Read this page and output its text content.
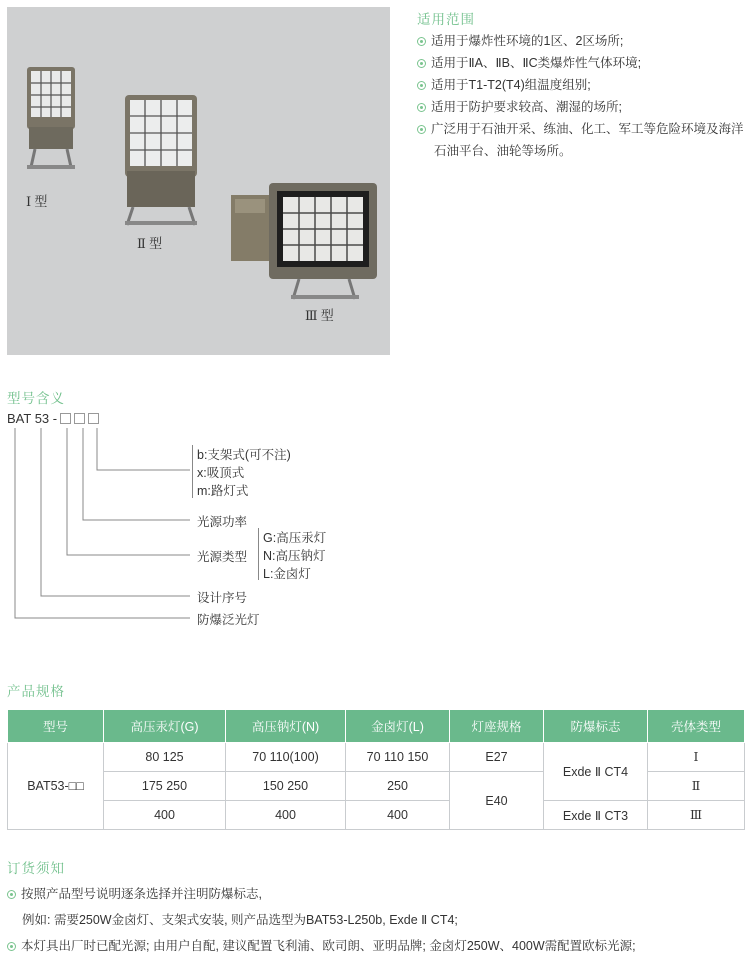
Ⅰ 型
Ⅱ 型
Ⅲ 型
适用范围
适用于爆炸性环境的1区、2区场所;
适用于ⅡA、ⅡB、ⅡC类爆炸性气体环境;
适用于T1-T2(T4)组温度组别;
适用于防护要求较高、潮湿的场所;
广泛用于石油开采、练油、化工、军工等危险环境及海洋
石油平台、油轮等场所。
型号含义
BAT 53 -
b:支架式(可不注)
x:吸顶式
m:路灯式
光源功率
光源类型
G:高压汞灯
N:高压钠灯
L:金卤灯
设计序号
防爆泛光灯
产品规格
型号	高压汞灯(G)	高压钠灯(N)	金卤灯(L)	灯座规格	防爆标志	壳体类型
BAT53-□□	80 125	70 110(100)	70 110 150	E27	Exde Ⅱ CT4	Ⅰ
	175 250	150 250	250	E40		Ⅱ
	400	400	400		Exde Ⅱ CT3	Ⅲ
订货须知
按照产品型号说明逐条选择并注明防爆标志,
例如: 需要250W金卤灯、支架式安装, 则产品选型为BAT53-L250b, Exde Ⅱ CT4;
本灯具出厂时已配光源; 由用户自配, 建议配置飞利浦、欧司朗、亚明品牌; 金卤灯250W、400W需配置欧标光源;
